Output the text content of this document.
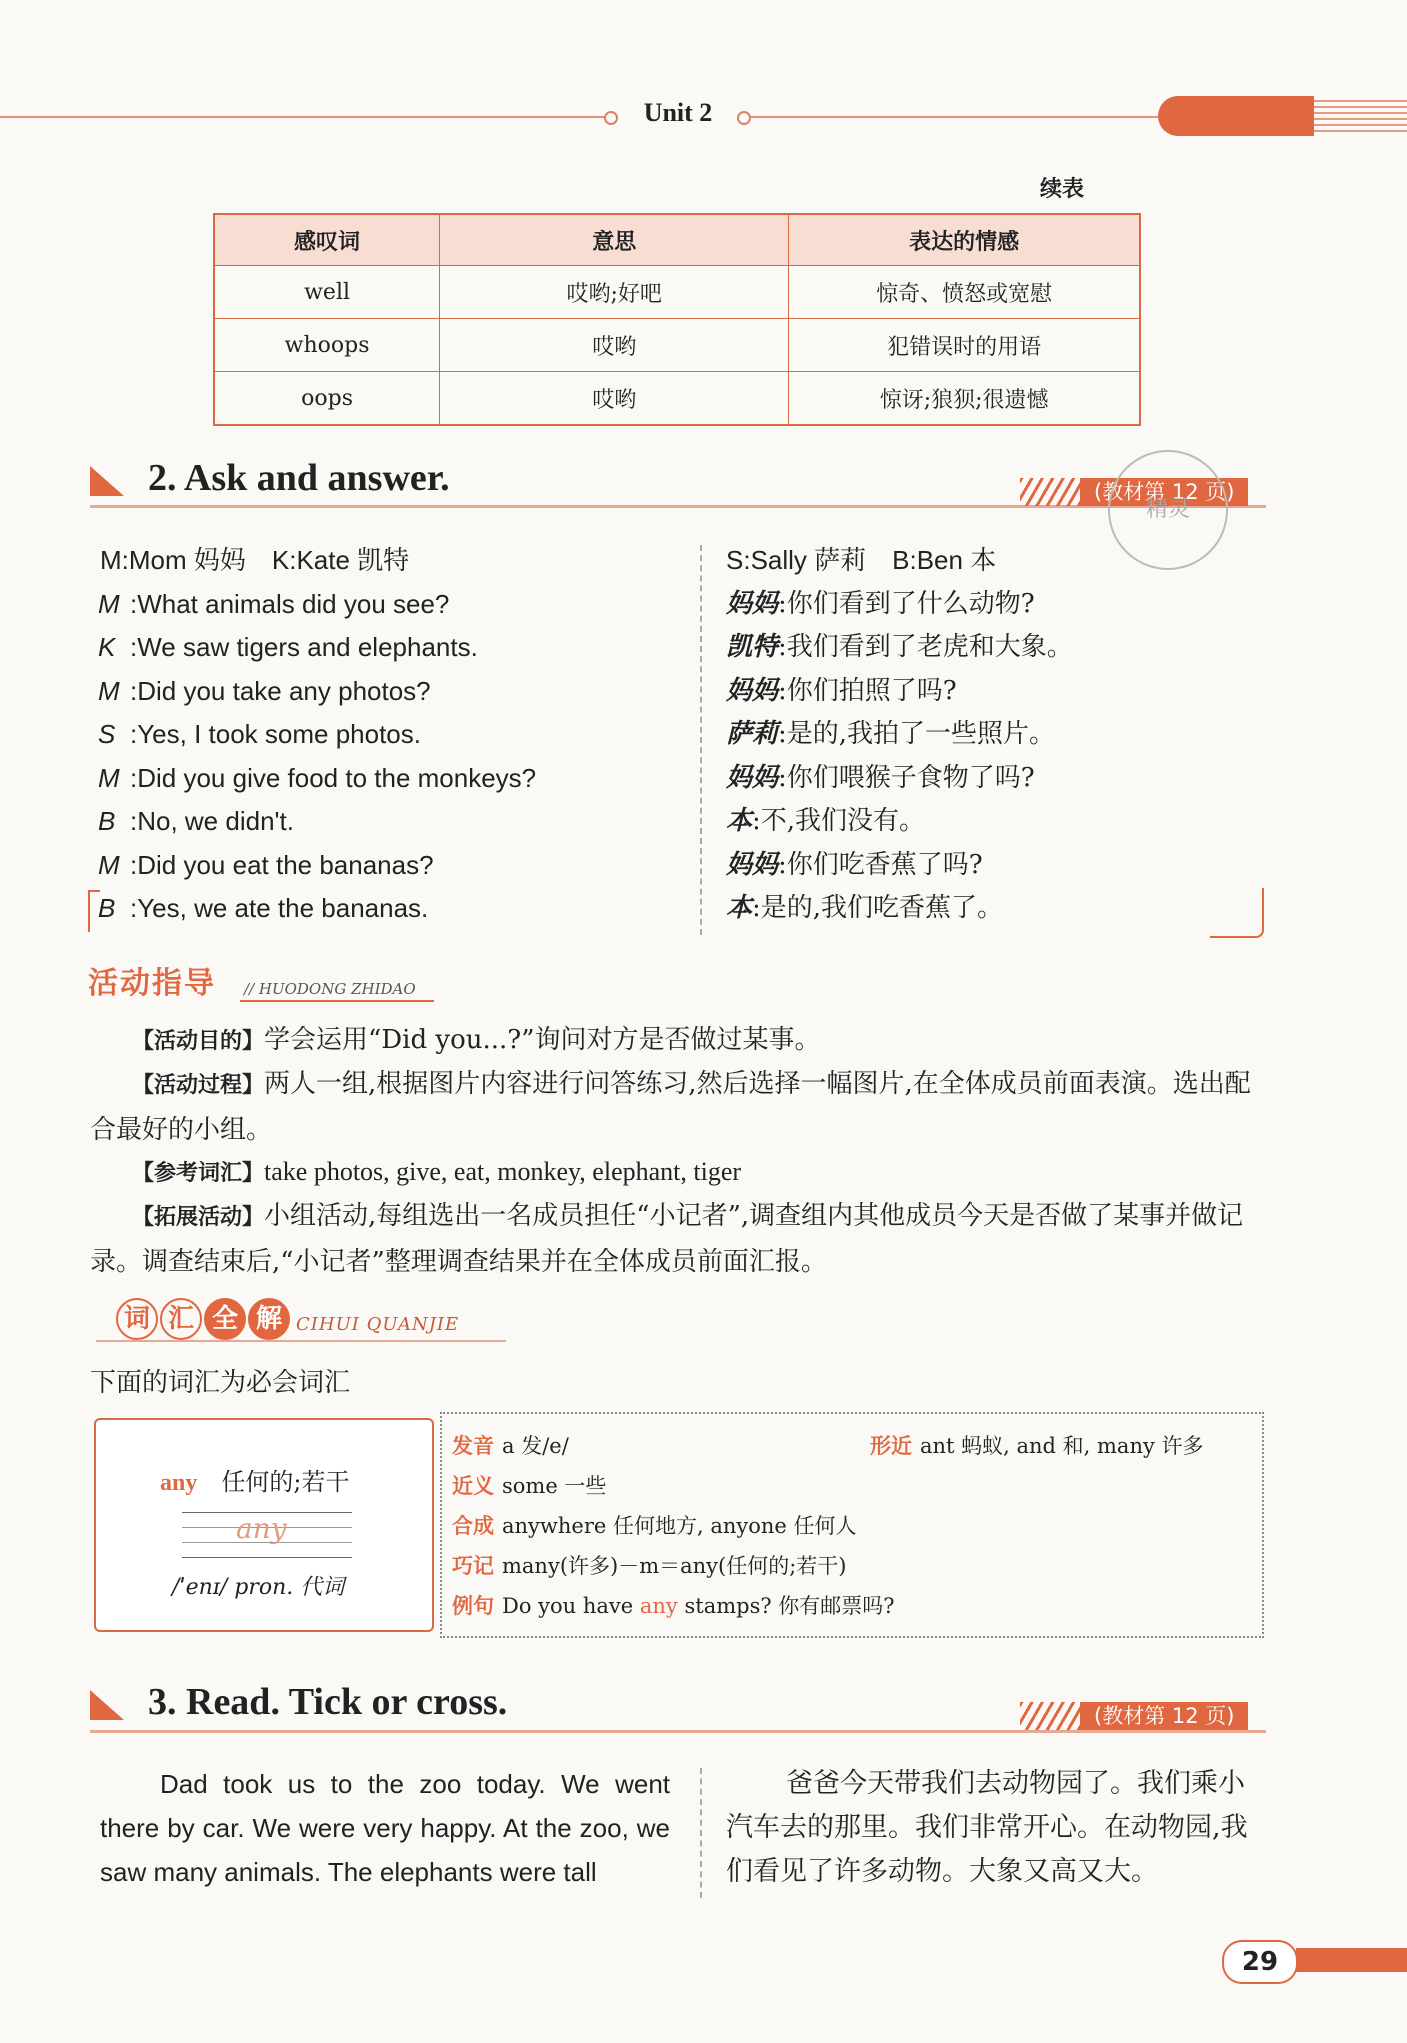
Unit 2
续表
感叹词	意思	表达的情感
well	哎哟;好吧	惊奇、愤怒或宽慰
whoops	哎哟	犯错误时的用语
oops	哎哟	惊讶;狼狈;很遗憾
2. Ask and answer.	(教材第 12 页)
精灵
M:Mom 妈妈　K:Kate 凯特	S:Sally 萨莉　B:Ben 本
M :What animals did you see?
K :We saw tigers and elephants.
M :Did you take any photos?
S :Yes, I took some photos.
M :Did you give food to the monkeys?
B :No, we didn't.
M :Did you eat the bananas?
B :Yes, we ate the bananas.
妈妈:你们看到了什么动物?
凯特:我们看到了老虎和大象。
妈妈:你们拍照了吗?
萨莉:是的,我拍了一些照片。
妈妈:你们喂猴子食物了吗?
本:不,我们没有。
妈妈:你们吃香蕉了吗?
本:是的,我们吃香蕉了。
活动指导 // HUODONG ZHIDAO
【活动目的】学会运用“Did you...?”询问对方是否做过某事。
【活动过程】两人一组,根据图片内容进行问答练习,然后选择一幅图片,在全体成员前面表演。选出配合最好的小组。
【参考词汇】take photos, give, eat, monkey, elephant, tiger
【拓展活动】小组活动,每组选出一名成员担任“小记者”,调查组内其他成员今天是否做了某事并做记录。调查结束后,“小记者”整理调查结果并在全体成员前面汇报。
词 汇 全 解 CIHUI QUANJIE
下面的词汇为必会词汇
any　 任何的;若干
any
/ˈenɪ/ pron. 代词
发音 a 发/e/
近义 some 一些
合成 anywhere 任何地方, anyone 任何人
巧记 many(许多)－m＝any(任何的;若干)
例句 Do you have any stamps? 你有邮票吗?
形近 ant 蚂蚁, and 和, many 许多
3. Read. Tick or cross.	(教材第 12 页)
Dad took us to the zoo today. We went there by car. We were very happy. At the zoo, we saw many animals. The elephants were tall
爸爸今天带我们去动物园了。我们乘小汽车去的那里。我们非常开心。在动物园,我们看见了许多动物。大象又高又大。
29
